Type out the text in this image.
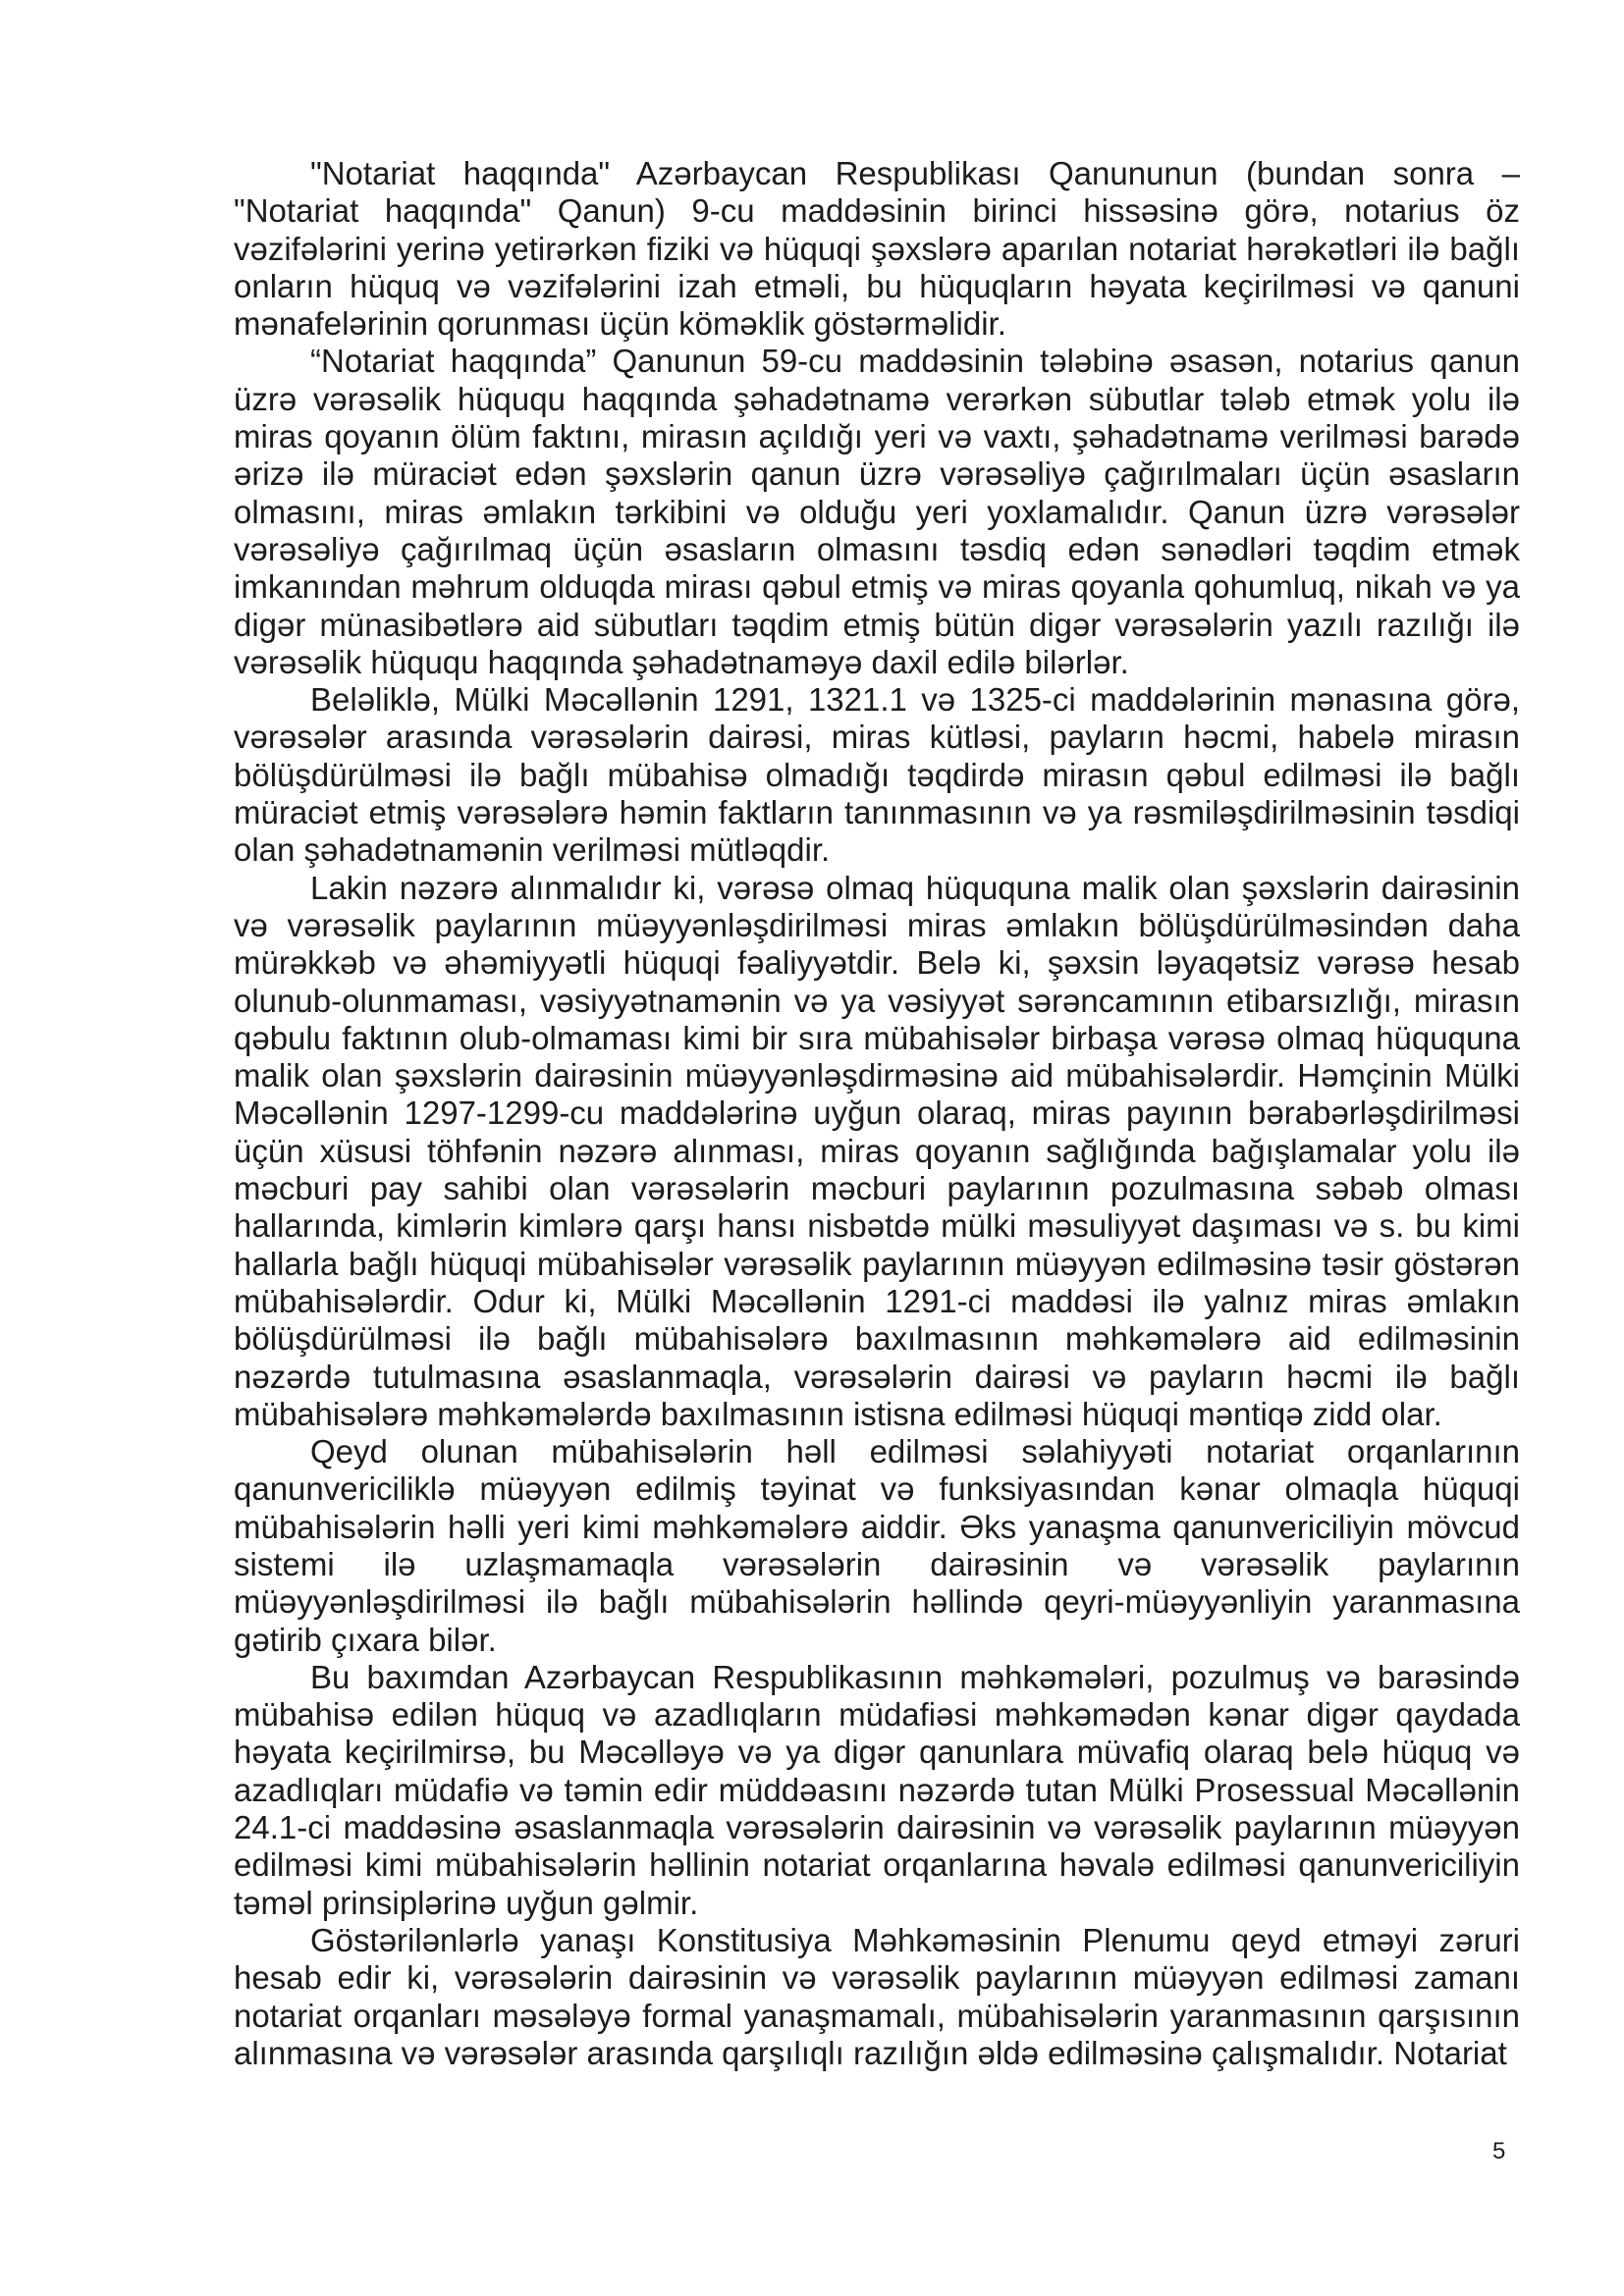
"Notariat haqqında" Azərbaycan Respublikası Qanununun (bundan sonra – "Notariat haqqında" Qanun) 9-cu maddəsinin birinci hissəsinə görə, notarius öz vəzifələrini yerinə yetirərkən fiziki və hüquqi şəxslərə aparılan notariat hərəkətləri ilə bağlı onların hüquq və vəzifələrini izah etməli, bu hüquqların həyata keçirilməsi və qanuni mənafelərinin qorunması üçün köməklik göstərməlidir.

“Notariat haqqında” Qanunun 59-cu maddəsinin tələbinə əsasən, notarius qanun üzrə vərəsəlik hüququ haqqında şəhadətnamə verərkən sübutlar tələb etmək yolu ilə miras qoyanın ölüm faktını, mirasın açıldığı yeri və vaxtı, şəhadətnamə verilməsi barədə ərizə ilə müraciət edən şəxslərin qanun üzrə vərəsəliyə çağırılmaları üçün əsasların olmasını, miras əmlakın tərkibini və olduğu yeri yoxlamalıdır. Qanun üzrə vərəsələr vərəsəliyə çağırılmaq üçün əsasların olmasını təsdiq edən sənədləri təqdim etmək imkanından məhrum olduqda mirası qəbul etmiş və miras qoyanla qohumluq, nikah və ya digər münasibətlərə aid sübutları təqdim etmiş bütün digər vərəsələrin yazılı razılığı ilə vərəsəlik hüququ haqqında şəhadətnaməyə daxil edilə bilərlər.

Beləliklə, Mülki Məcəllənin 1291, 1321.1 və 1325-ci maddələrinin mənasına görə, vərəsələr arasında vərəsələrin dairəsi, miras kütləsi, payların həcmi, habelə mirasın bölüşdürülməsi ilə bağlı mübahisə olmadığı təqdirdə mirasın qəbul edilməsi ilə bağlı müraciət etmiş vərəsələrə həmin faktların tanınmasının və ya rəsmiləşdirilməsinin təsdiqi olan şəhadətnamənin verilməsi mütləqdir.

Lakin nəzərə alınmalıdır ki, vərəsə olmaq hüququna malik olan şəxslərin dairəsinin və vərəsəlik paylarının müəyyənləşdirilməsi miras əmlakın bölüşdürülməsindən daha mürəkkəb və əhəmiyyətli hüquqi fəaliyyətdir. Belə ki, şəxsin ləyaqətsiz vərəsə hesab olunub-olunmaması, vəsiyyətnamənin və ya vəsiyyət sərəncamının etibarsızlığı, mirasın qəbulu faktının olub-olmaması kimi bir sıra mübahisələr birbaşa vərəsə olmaq hüququna malik olan şəxslərin dairəsinin müəyyənləşdirməsinə aid mübahisələrdir. Həmçinin Mülki Məcəllənin 1297-1299-cu maddələrinə uyğun olaraq, miras payının bərabərləşdirilməsi üçün xüsusi töhfənin nəzərə alınması, miras qoyanın sağlığında bağışlamalar yolu ilə məcburi pay sahibi olan vərəsələrin məcburi paylarının pozulmasına səbəb olması hallarında, kimlərin kimlərə qarşı hansı nisbətdə mülki məsuliyyət daşıması və s. bu kimi hallarla bağlı hüquqi mübahisələr vərəsəlik paylarının müəyyən edilməsinə təsir göstərən mübahisələrdir. Odur ki, Mülki Məcəllənin 1291-ci maddəsi ilə yalnız miras əmlakın bölüşdürülməsi ilə bağlı mübahisələrə baxılmasının məhkəmələrə aid edilməsinin nəzərdə tutulmasına əsaslanmaqla, vərəsələrin dairəsi və payların həcmi ilə bağlı mübahisələrə məhkəmələrdə baxılmasının istisna edilməsi hüquqi məntiqə zidd olar.

Qeyd olunan mübahisələrin həll edilməsi səlahiyyəti notariat orqanlarının qanunvericiliklə müəyyən edilmiş təyinat və funksiyasından kənar olmaqla hüquqi mübahisələrin həlli yeri kimi məhkəmələrə aiddir. Əks yanaşma qanunvericiliyin mövcud sistemi ilə uzlaşmamaqla vərəsələrin dairəsinin və vərəsəlik paylarının müəyyənləşdirilməsi ilə bağlı mübahisələrin həllində qeyri-müəyyənliyin yaranmasına gətirib çıxara bilər.

Bu baxımdan Azərbaycan Respublikasının məhkəmələri, pozulmuş və barəsində mübahisə edilən hüquq və azadlıqların müdafiəsi məhkəmədən kənar digər qaydada həyata keçirilmirsə, bu Məcəlləyə və ya digər qanunlara müvafiq olaraq belə hüquq və azadlıqları müdafiə və təmin edir müddəasını nəzərdə tutan Mülki Prosessual Məcəllənin 24.1-ci maddəsinə əsaslanmaqla vərəsələrin dairəsinin və vərəsəlik paylarının müəyyən edilməsi kimi mübahisələrin həllinin notariat orqanlarına həvalə edilməsi qanunvericiliyin təməl prinsiplərinə uyğun gəlmir.

Göstərilənlərlə yanaşı Konstitusiya Məhkəməsinin Plenumu qeyd etməyi zəruri hesab edir ki, vərəsələrin dairəsinin və vərəsəlik paylarının müəyyən edilməsi zamanı notariat orqanları məsələyə formal yanaşmamalı, mübahisələrin yaranmasının qarşısının alınmasına və vərəsələr arasında qarşılıqlı razılığın əldə edilməsinə çalışmalıdır. Notariat

5
